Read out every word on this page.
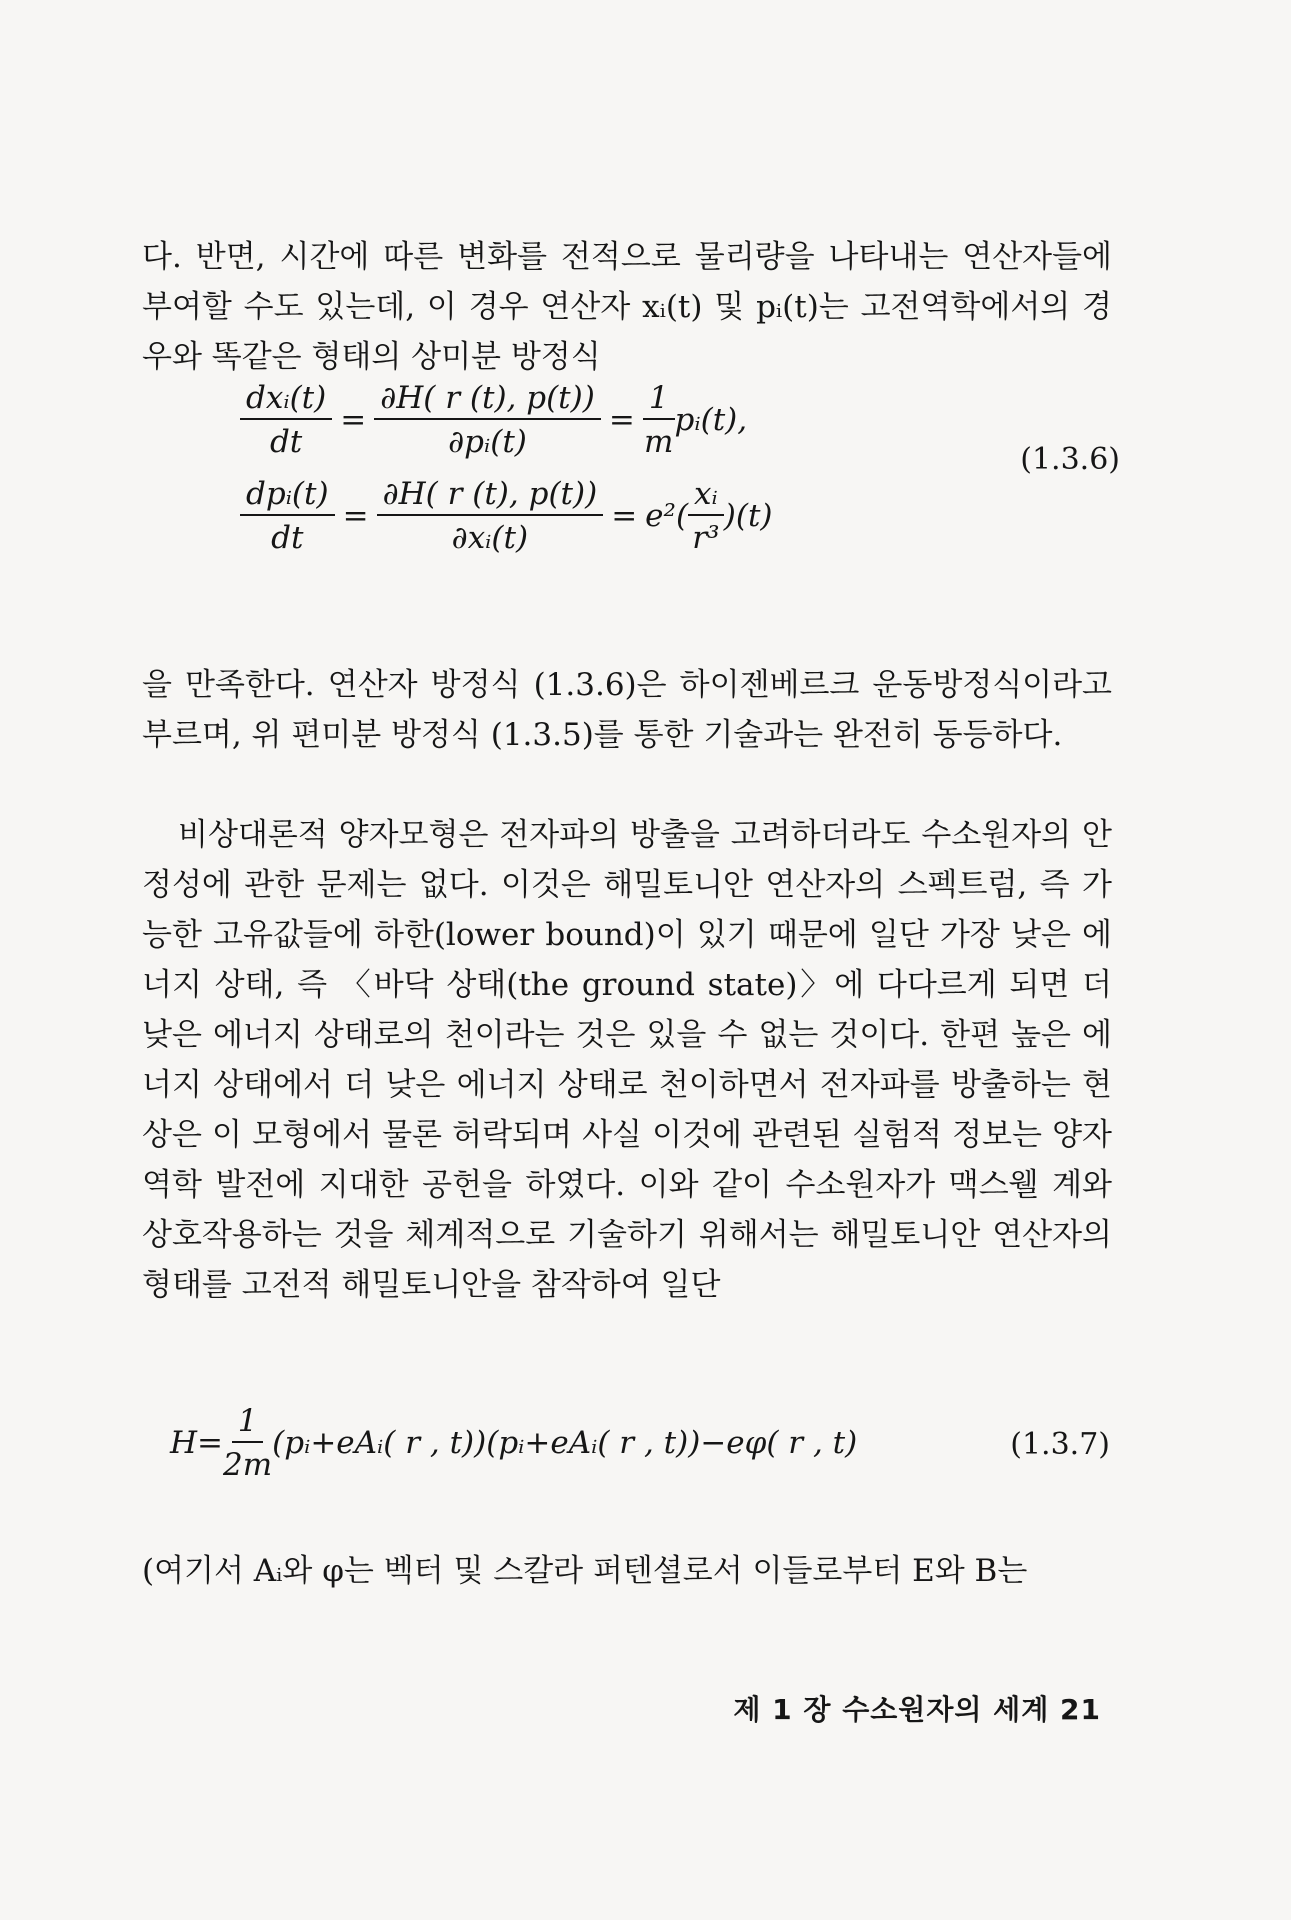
다. 반면, 시간에 따른 변화를 전적으로 물리량을 나타내는 연산자들에 부여할 수도 있는데, 이 경우 연산자 xᵢ(t) 및 pᵢ(t)는 고전역학에서의 경우와 똑같은 형태의 상미분 방정식

$\frac{\text{dxᵢ(t)}}{dt} = \frac{\partial H( r (t), p(t))}{\text{∂pᵢ(t)}} = \frac{1}{m}$ pᵢ(t),
$\frac{\text{dpᵢ(t)}}{dt} = \frac{\partial H( r (t), p(t))}{\text{∂xᵢ(t)}} = e^2( \frac{\text{xᵢ}}{\text{r³}} )(t)$
(1.3.6)

을 만족한다. 연산자 방정식 (1.3.6)은 하이젠베르크 운동방정식이라고 부르며, 위 편미분 방정식 (1.3.5)를 통한 기술과는 완전히 동등하다.

비상대론적 양자모형은 전자파의 방출을 고려하더라도 수소원자의 안정성에 관한 문제는 없다. 이것은 해밀토니안 연산자의 스펙트럼, 즉 가능한 고유값들에 하한(lower bound)이 있기 때문에 일단 가장 낮은 에너지 상태, 즉 〈바닥 상태(the ground state)〉에 다다르게 되면 더 낮은 에너지 상태로의 천이라는 것은 있을 수 없는 것이다. 한편 높은 에너지 상태에서 더 낮은 에너지 상태로 천이하면서 전자파를 방출하는 현상은 이 모형에서 물론 허락되며 사실 이것에 관련된 실험적 정보는 양자역학 발전에 지대한 공헌을 하였다. 이와 같이 수소원자가 맥스웰 계와 상호작용하는 것을 체계적으로 기술하기 위해서는 해밀토니안 연산자의 형태를 고전적 해밀토니안을 참작하여 일단

$H= \frac{1}{2m}$ (pᵢ+eAᵢ( r , t))(pᵢ+eAᵢ( r , t))−eφ( r , t)	(1.3.7)

(여기서 Aᵢ와 φ는 벡터 및 스칼라 퍼텐셜로서 이들로부터 E와 B는

제 1 장 수소원자의 세계 21
